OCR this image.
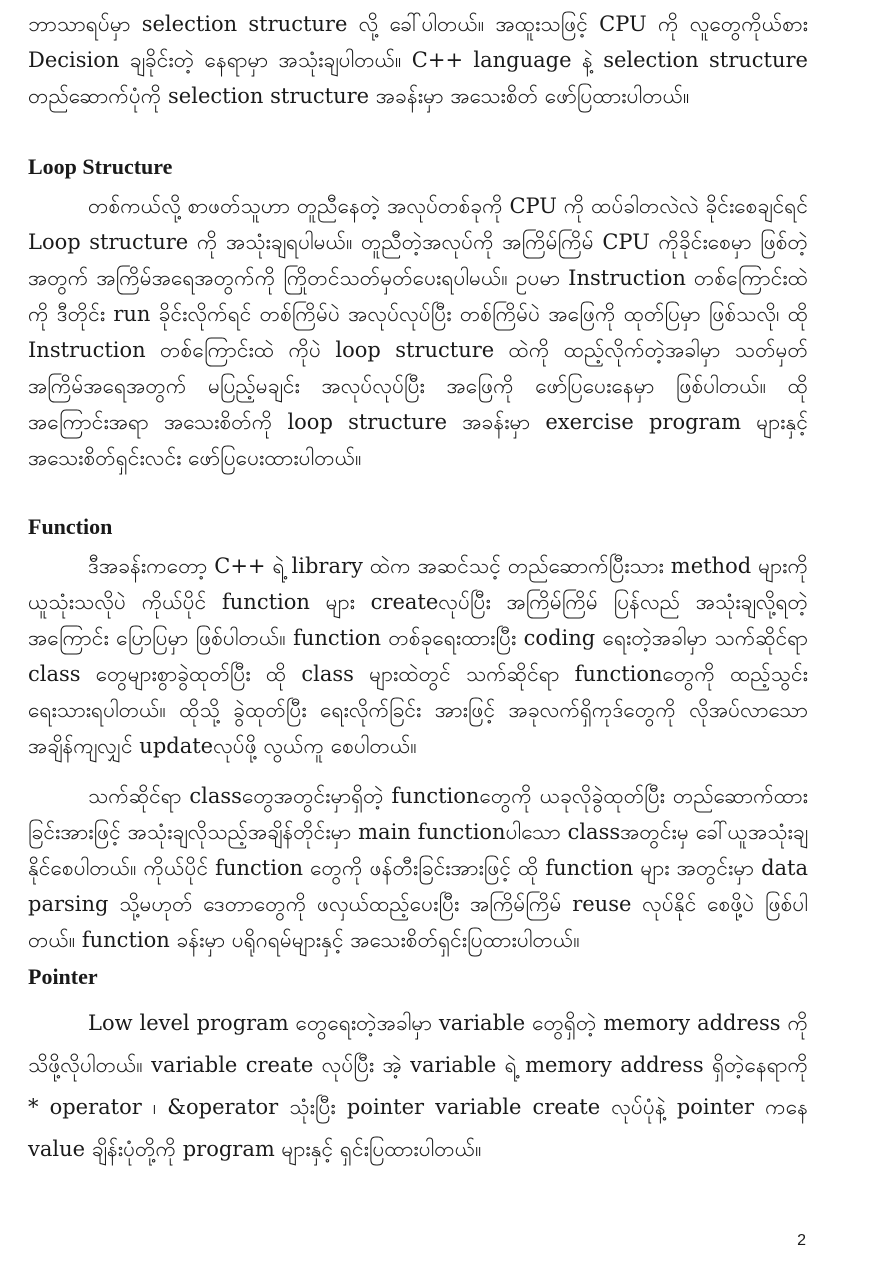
ဘာသာရပ်မှာ selection structure လို့ ခေါ်ပါတယ်။ အထူးသဖြင့် CPU ကို လူတွေကိုယ်စား Decision ချခိုင်းတဲ့ နေရာမှာ အသုံးချပါတယ်။ C++ language နဲ့ selection structure တည်ဆောက်ပုံကို selection structure အခန်းမှာ အသေးစိတ် ဖော်ပြထားပါတယ်။

Loop Structure

တစ်ကယ်လို့ စာဖတ်သူဟာ တူညီနေတဲ့ အလုပ်တစ်ခုကို CPU ကို ထပ်ခါတလဲလဲ ခိုင်းစေချင်ရင် Loop structure ကို အသုံးချရပါမယ်။ တူညီတဲ့အလုပ်ကို အကြိမ်ကြိမ် CPU ကိုခိုင်းစေမှာ ဖြစ်တဲ့အတွက် အကြိမ်အရေအတွက်ကို ကြိုတင်သတ်မှတ်ပေးရပါမယ်။ ဥပမာ Instruction တစ်ကြောင်းထဲကို ဒီတိုင်း run ခိုင်းလိုက်ရင် တစ်ကြိမ်ပဲ အလုပ်လုပ်ပြီး တစ်ကြိမ်ပဲ အဖြေကို ထုတ်ပြမှာ ဖြစ်သလို၊ ထို Instruction တစ်ကြောင်းထဲ ကိုပဲ loop structure ထဲကို ထည့်လိုက်တဲ့အခါမှာ သတ်မှတ်အကြိမ်အရေအတွက် မပြည့်မချင်း အလုပ်လုပ်ပြီး အဖြေကို ဖော်ပြပေးနေမှာ ဖြစ်ပါတယ်။ ထိုအကြောင်းအရာ အသေးစိတ်ကို loop structure အခန်းမှာ exercise program များနှင့် အသေးစိတ်ရှင်းလင်း ဖော်ပြပေးထားပါတယ်။

Function

ဒီအခန်းကတော့ C++ ရဲ့ library ထဲက အဆင်သင့် တည်ဆောက်ပြီးသား method များကို ယူသုံးသလိုပဲ ကိုယ်ပိုင် function များ createလုပ်ပြီး အကြိမ်ကြိမ် ပြန်လည် အသုံးချလို့ရတဲ့အကြောင်း ပြောပြမှာ ဖြစ်ပါတယ်။ function တစ်ခုရေးထားပြီး coding ရေးတဲ့အခါမှာ သက်ဆိုင်ရာ class တွေများစွာခွဲထုတ်ပြီး ထို class များထဲတွင် သက်ဆိုင်ရာ functionတွေကို ထည့်သွင်းရေးသားရပါတယ်။ ထိုသို့ ခွဲထုတ်ပြီး ရေးလိုက်ခြင်း အားဖြင့် အခုလက်ရှိကုဒ်တွေကို လိုအပ်လာသောအချိန်ကျလျှင် updateလုပ်ဖို့ လွယ်ကူ စေပါတယ်။

သက်ဆိုင်ရာ classတွေအတွင်းမှာရှိတဲ့ functionတွေကို ယခုလိုခွဲထုတ်ပြီး တည်ဆောက်ထားခြင်းအားဖြင့် အသုံးချလိုသည့်အချိန်တိုင်းမှာ main functionပါသော classအတွင်းမှ ခေါ်ယူအသုံးချနိုင်စေပါတယ်။ ကိုယ်ပိုင် function တွေကို ဖန်တီးခြင်းအားဖြင့် ထို function များ အတွင်းမှာ data parsing သို့မဟုတ် ဒေတာတွေကို ဖလှယ်ထည့်ပေးပြီး အကြိမ်ကြိမ် reuse လုပ်နိုင် စေဖို့ပဲ ဖြစ်ပါတယ်။ function ခန်းမှာ ပရိုဂရမ်များနှင့် အသေးစိတ်ရှင်းပြထားပါတယ်။

Pointer

Low level program တွေရေးတဲ့အခါမှာ variable တွေရှိတဲ့ memory address ကိုသိဖို့လိုပါတယ်။ variable create လုပ်ပြီး အဲ့ variable ရဲ့ memory address ရှိတဲ့နေရာကို * operator ၊ &operator သုံးပြီး pointer variable create လုပ်ပုံနဲ့ pointer ကနေ value ချိန်းပုံတို့ကို program များနှင့် ရှင်းပြထားပါတယ်။

2
